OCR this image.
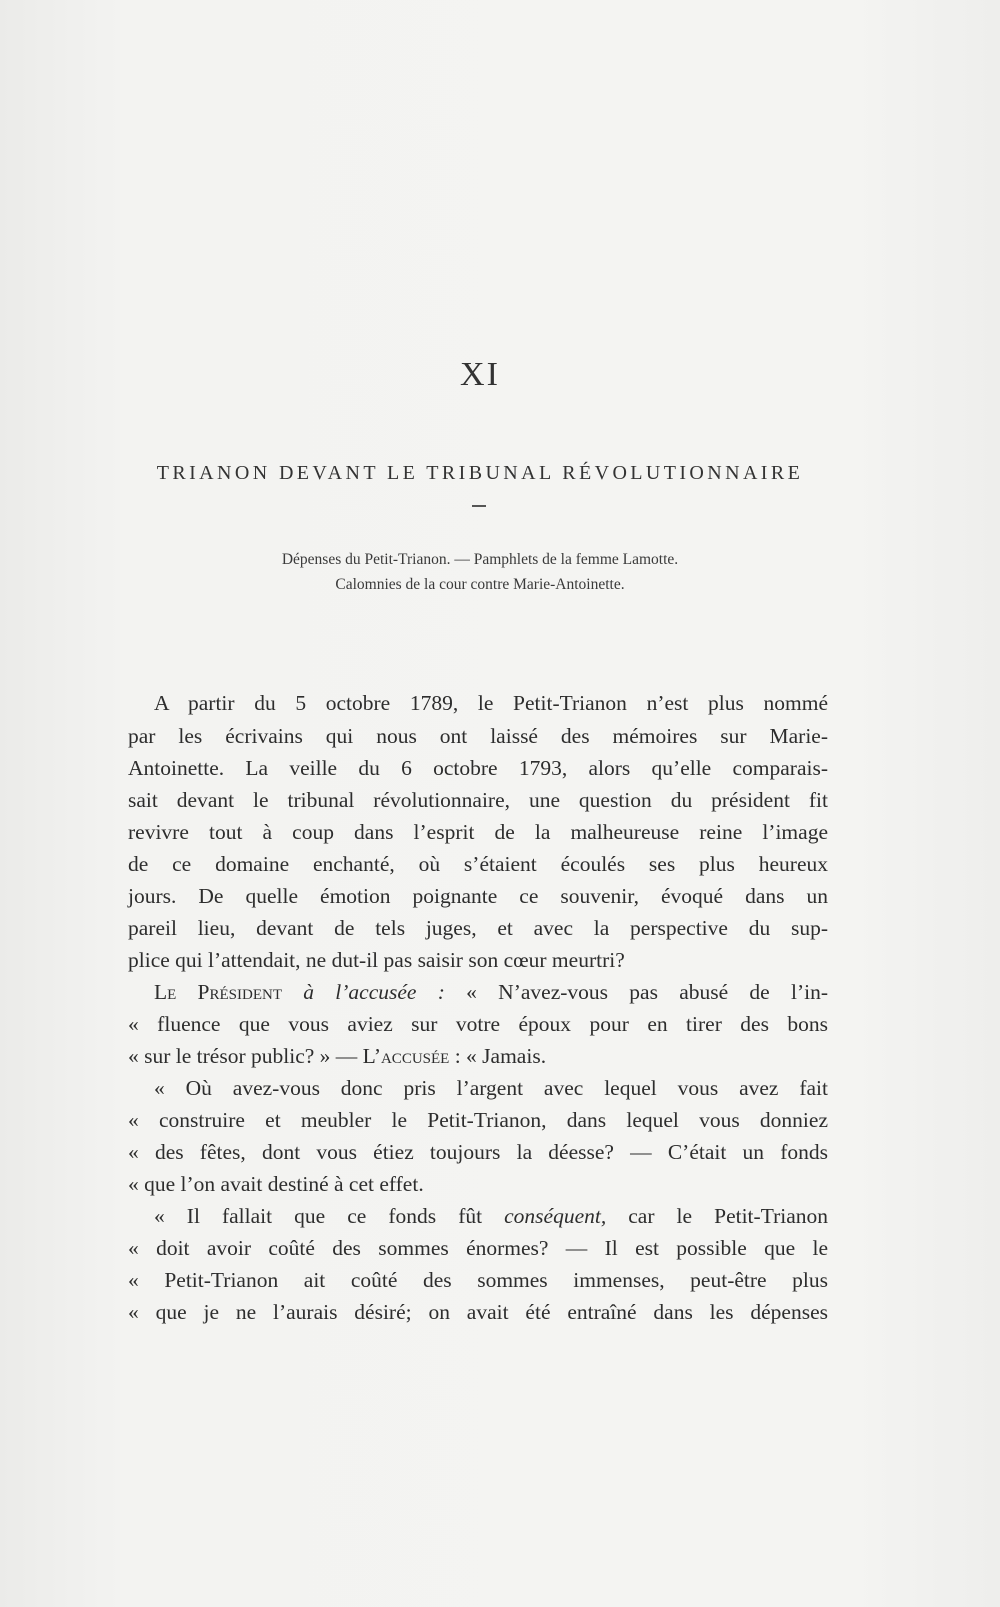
XI
TRIANON DEVANT LE TRIBUNAL RÉVOLUTIONNAIRE
Dépenses du Petit-Trianon. — Pamphlets de la femme Lamotte.
Calomnies de la cour contre Marie-Antoinette.
A partir du 5 octobre 1789, le Petit-Trianon n’est plus nommé
par les écrivains qui nous ont laissé des mémoires sur Marie-
Antoinette. La veille du 6 octobre 1793, alors qu’elle comparais-
sait devant le tribunal révolutionnaire, une question du président fit
revivre tout à coup dans l’esprit de la malheureuse reine l’image
de ce domaine enchanté, où s’étaient écoulés ses plus heureux
jours. De quelle émotion poignante ce souvenir, évoqué dans un
pareil lieu, devant de tels juges, et avec la perspective du sup-
plice qui l’attendait, ne dut-il pas saisir son cœur meurtri?
Le Président à l’accusée : « N’avez-vous pas abusé de l’in-
« fluence que vous aviez sur votre époux pour en tirer des bons
« sur le trésor public? » — L’accusée : « Jamais.
« Où avez-vous donc pris l’argent avec lequel vous avez fait
« construire et meubler le Petit-Trianon, dans lequel vous donniez
« des fêtes, dont vous étiez toujours la déesse? — C’était un fonds
« que l’on avait destiné à cet effet.
« Il fallait que ce fonds fût conséquent, car le Petit-Trianon
« doit avoir coûté des sommes énormes? — Il est possible que le
« Petit-Trianon ait coûté des sommes immenses, peut-être plus
« que je ne l’aurais désiré; on avait été entraîné dans les dépenses
